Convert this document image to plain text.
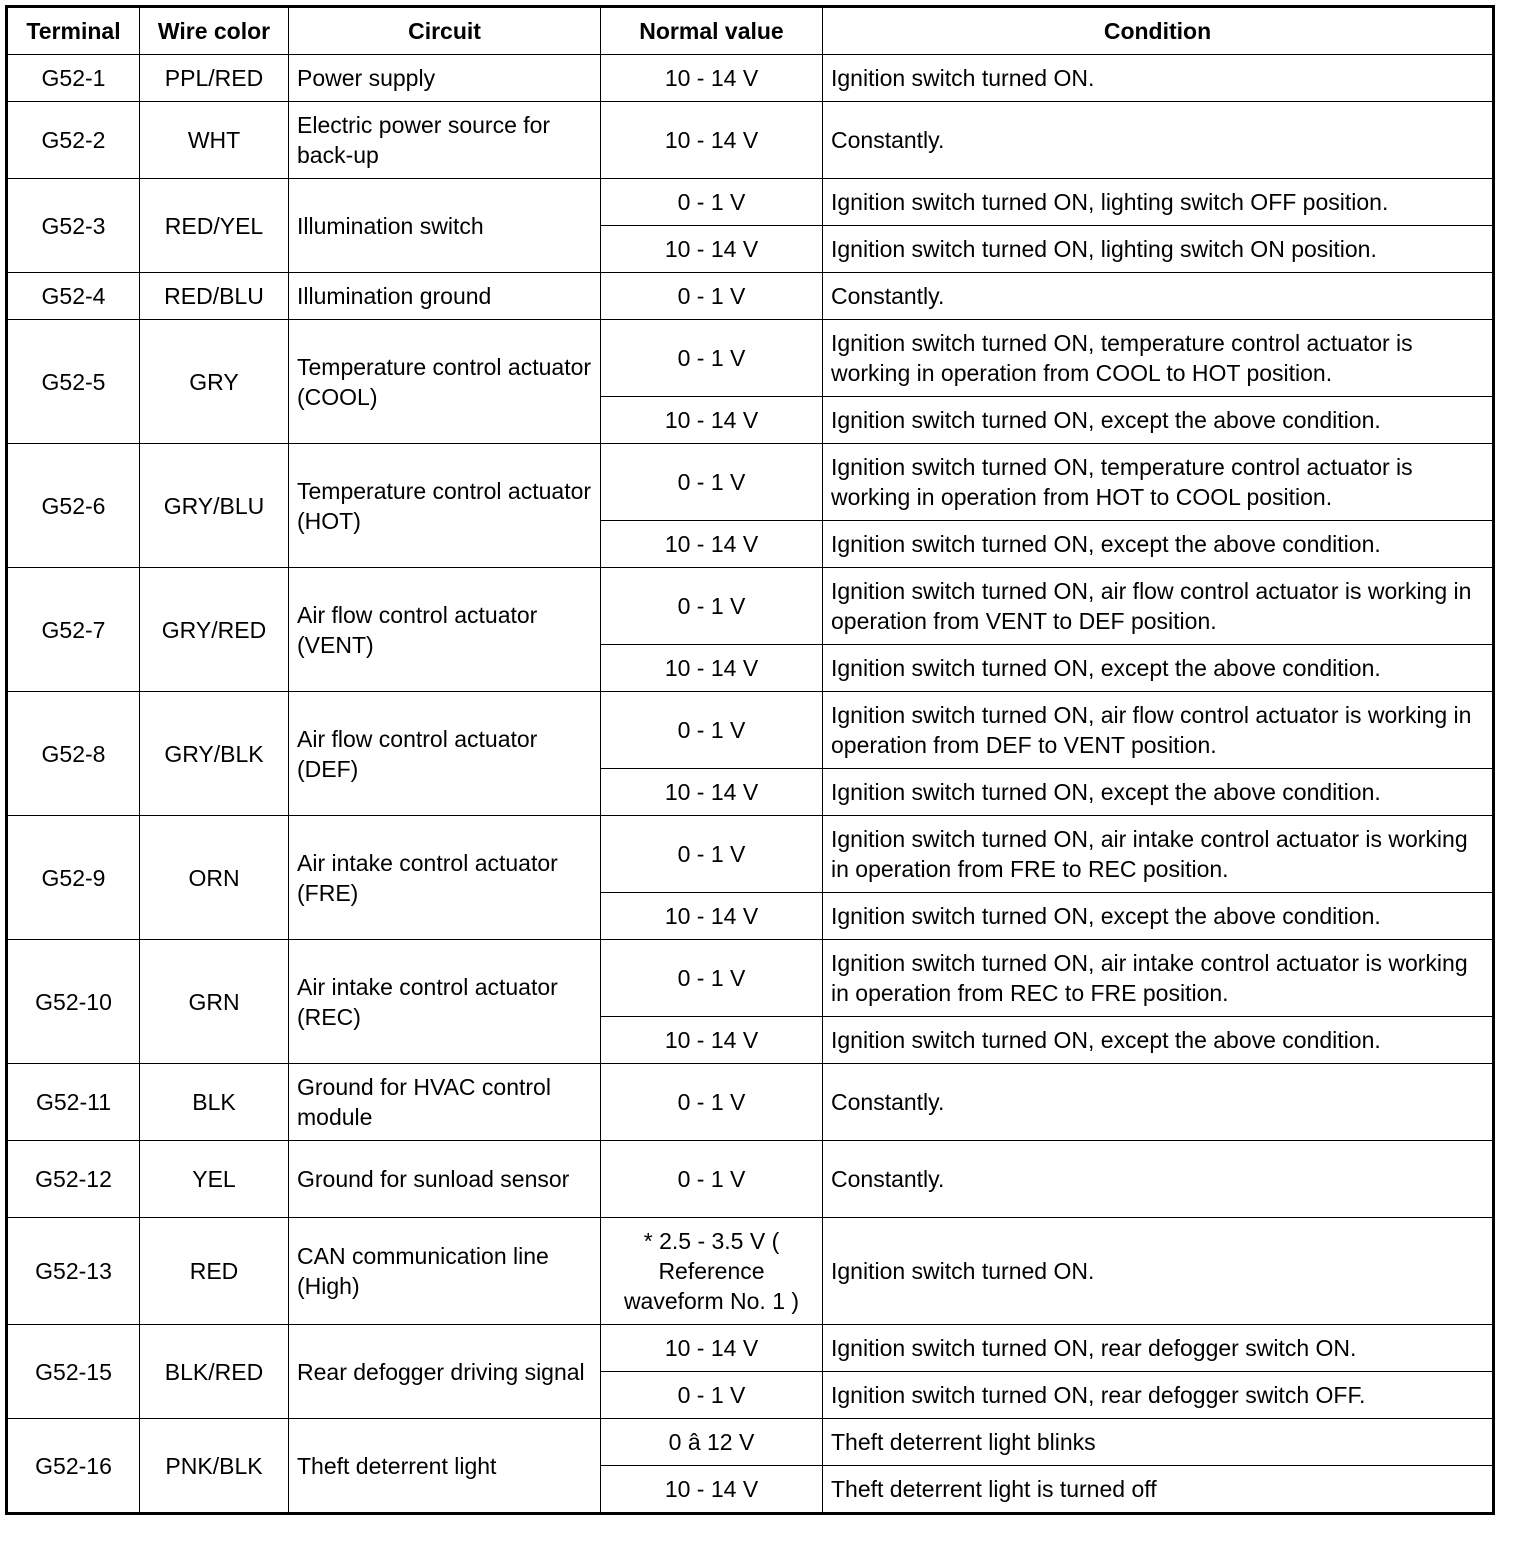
Terminal	Wire color	Circuit	Normal value	Condition
G52-1	PPL/RED	Power supply	10 - 14 V	Ignition switch turned ON.
G52-2	WHT	Electric power source for back-up	10 - 14 V	Constantly.
G52-3	RED/YEL	Illumination switch	0 - 1 V	Ignition switch turned ON, lighting switch OFF position.
			10 - 14 V	Ignition switch turned ON, lighting switch ON position.
G52-4	RED/BLU	Illumination ground	0 - 1 V	Constantly.
G52-5	GRY	Temperature control actuator (COOL)	0 - 1 V	Ignition switch turned ON, temperature control actuator is working in operation from COOL to HOT position.
			10 - 14 V	Ignition switch turned ON, except the above condition.
G52-6	GRY/BLU	Temperature control actuator (HOT)	0 - 1 V	Ignition switch turned ON, temperature control actuator is working in operation from HOT to COOL position.
			10 - 14 V	Ignition switch turned ON, except the above condition.
G52-7	GRY/RED	Air flow control actuator (VENT)	0 - 1 V	Ignition switch turned ON, air flow control actuator is working in operation from VENT to DEF position.
			10 - 14 V	Ignition switch turned ON, except the above condition.
G52-8	GRY/BLK	Air flow control actuator (DEF)	0 - 1 V	Ignition switch turned ON, air flow control actuator is working in operation from DEF to VENT position.
			10 - 14 V	Ignition switch turned ON, except the above condition.
G52-9	ORN	Air intake control actuator (FRE)	0 - 1 V	Ignition switch turned ON, air intake control actuator is working in operation from FRE to REC position.
			10 - 14 V	Ignition switch turned ON, except the above condition.
G52-10	GRN	Air intake control actuator (REC)	0 - 1 V	Ignition switch turned ON, air intake control actuator is working in operation from REC to FRE position.
			10 - 14 V	Ignition switch turned ON, except the above condition.
G52-11	BLK	Ground for HVAC control module	0 - 1 V	Constantly.
G52-12	YEL	Ground for sunload sensor	0 - 1 V	Constantly.
G52-13	RED	CAN communication line (High)	* 2.5 - 3.5 V ( Reference waveform No. 1 )	Ignition switch turned ON.
G52-15	BLK/RED	Rear defogger driving signal	10 - 14 V	Ignition switch turned ON, rear defogger switch ON.
			0 - 1 V	Ignition switch turned ON, rear defogger switch OFF.
G52-16	PNK/BLK	Theft deterrent light	0 â 12 V	Theft deterrent light blinks
			10 - 14 V	Theft deterrent light is turned off
